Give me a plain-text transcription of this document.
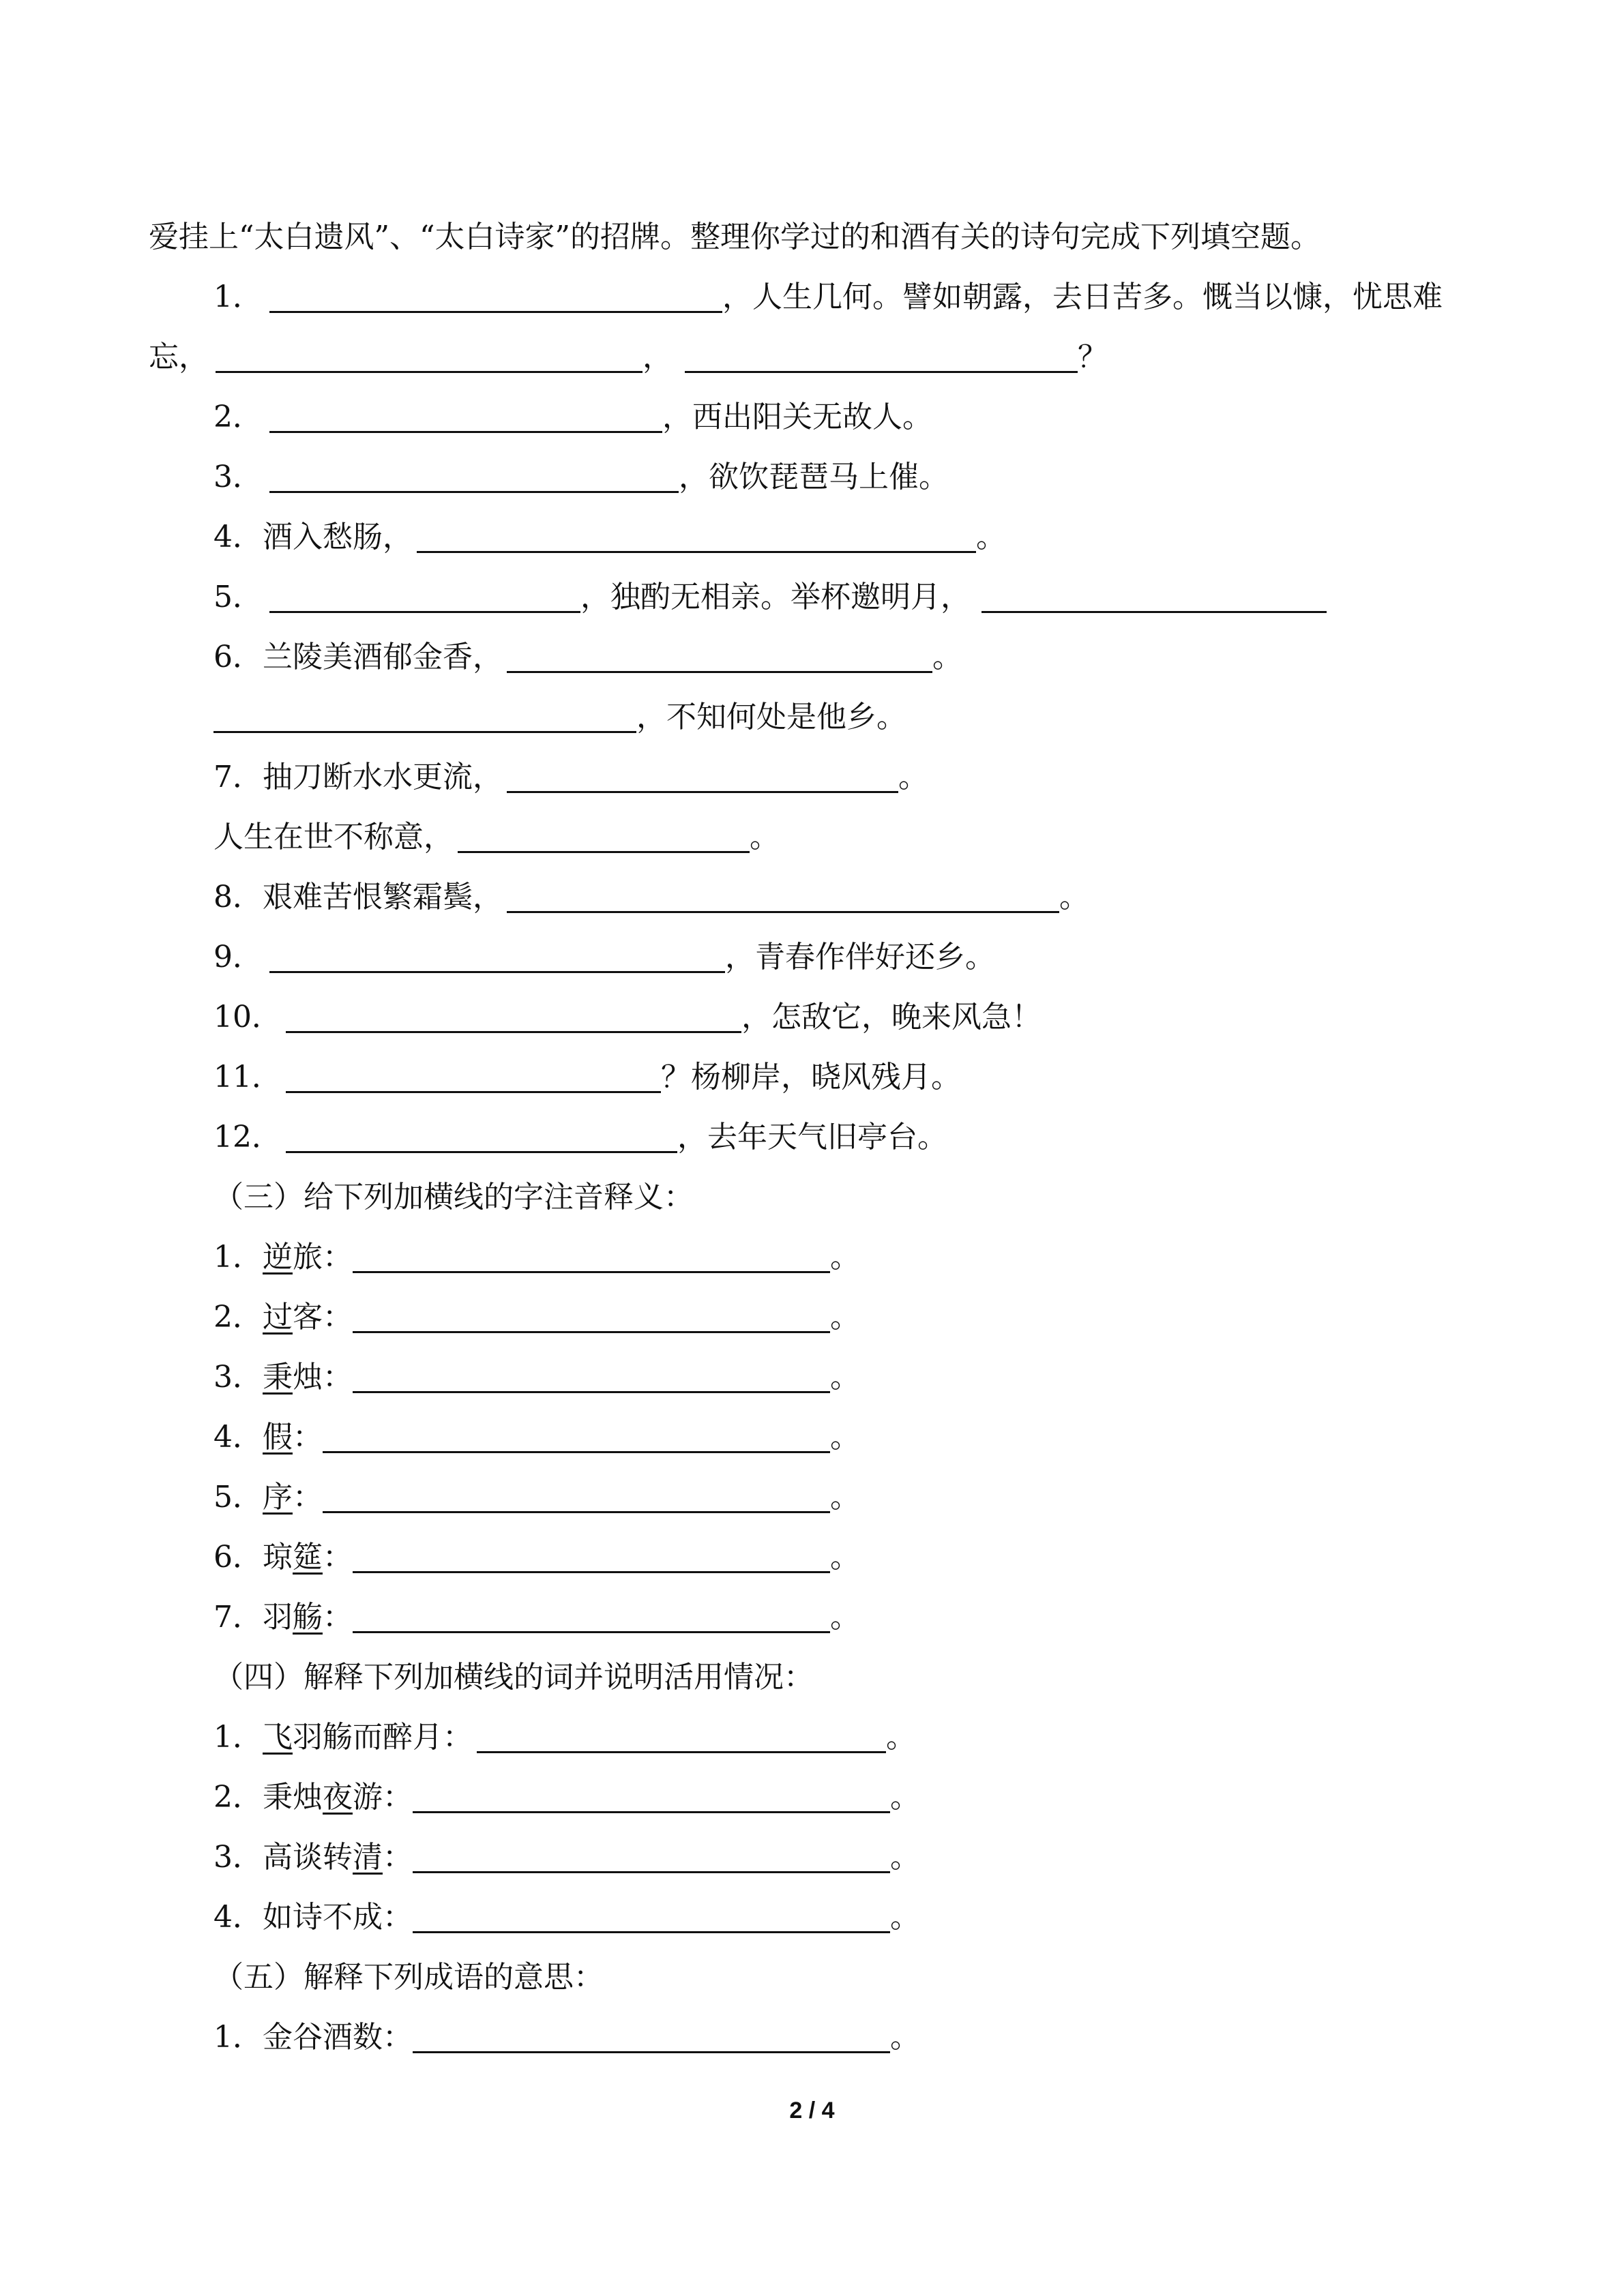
爱挂上“太白遗风”、“太白诗家”的招牌。整理你学过的和酒有关的诗句完成下列填空题。
1．	，人生几何。譬如朝露，去日苦多。慨当以慷，忧思难
忘，	，	？
2．	，西出阳关无故人。
3．	，欲饮琵琶马上催。
4．酒入愁肠，	。
5．	，独酌无相亲。举杯邀明月，
6．兰陵美酒郁金香，	。
，不知何处是他乡。
7．抽刀断水水更流，	。
人生在世不称意，	。
8．艰难苦恨繁霜鬓，	。
9．	，青春作伴好还乡。
10．	，怎敌它，晚来风急！
11．	？杨柳岸，晓风残月。
12．	，去年天气旧亭台。
（三）给下列加横线的字注音释义：
1．逆旅：	。
2．过客：	。
3．秉烛：	。
4．假：	。
5．序：	。
6．琼筵：	。
7．羽觞：	。
（四）解释下列加横线的词并说明活用情况：
1．飞羽觞而醉月：	。
2．秉烛夜游：	。
3．高谈转清：	。
4．如诗不成：	。
（五）解释下列成语的意思：
1．金谷酒数：	。
2 / 4
